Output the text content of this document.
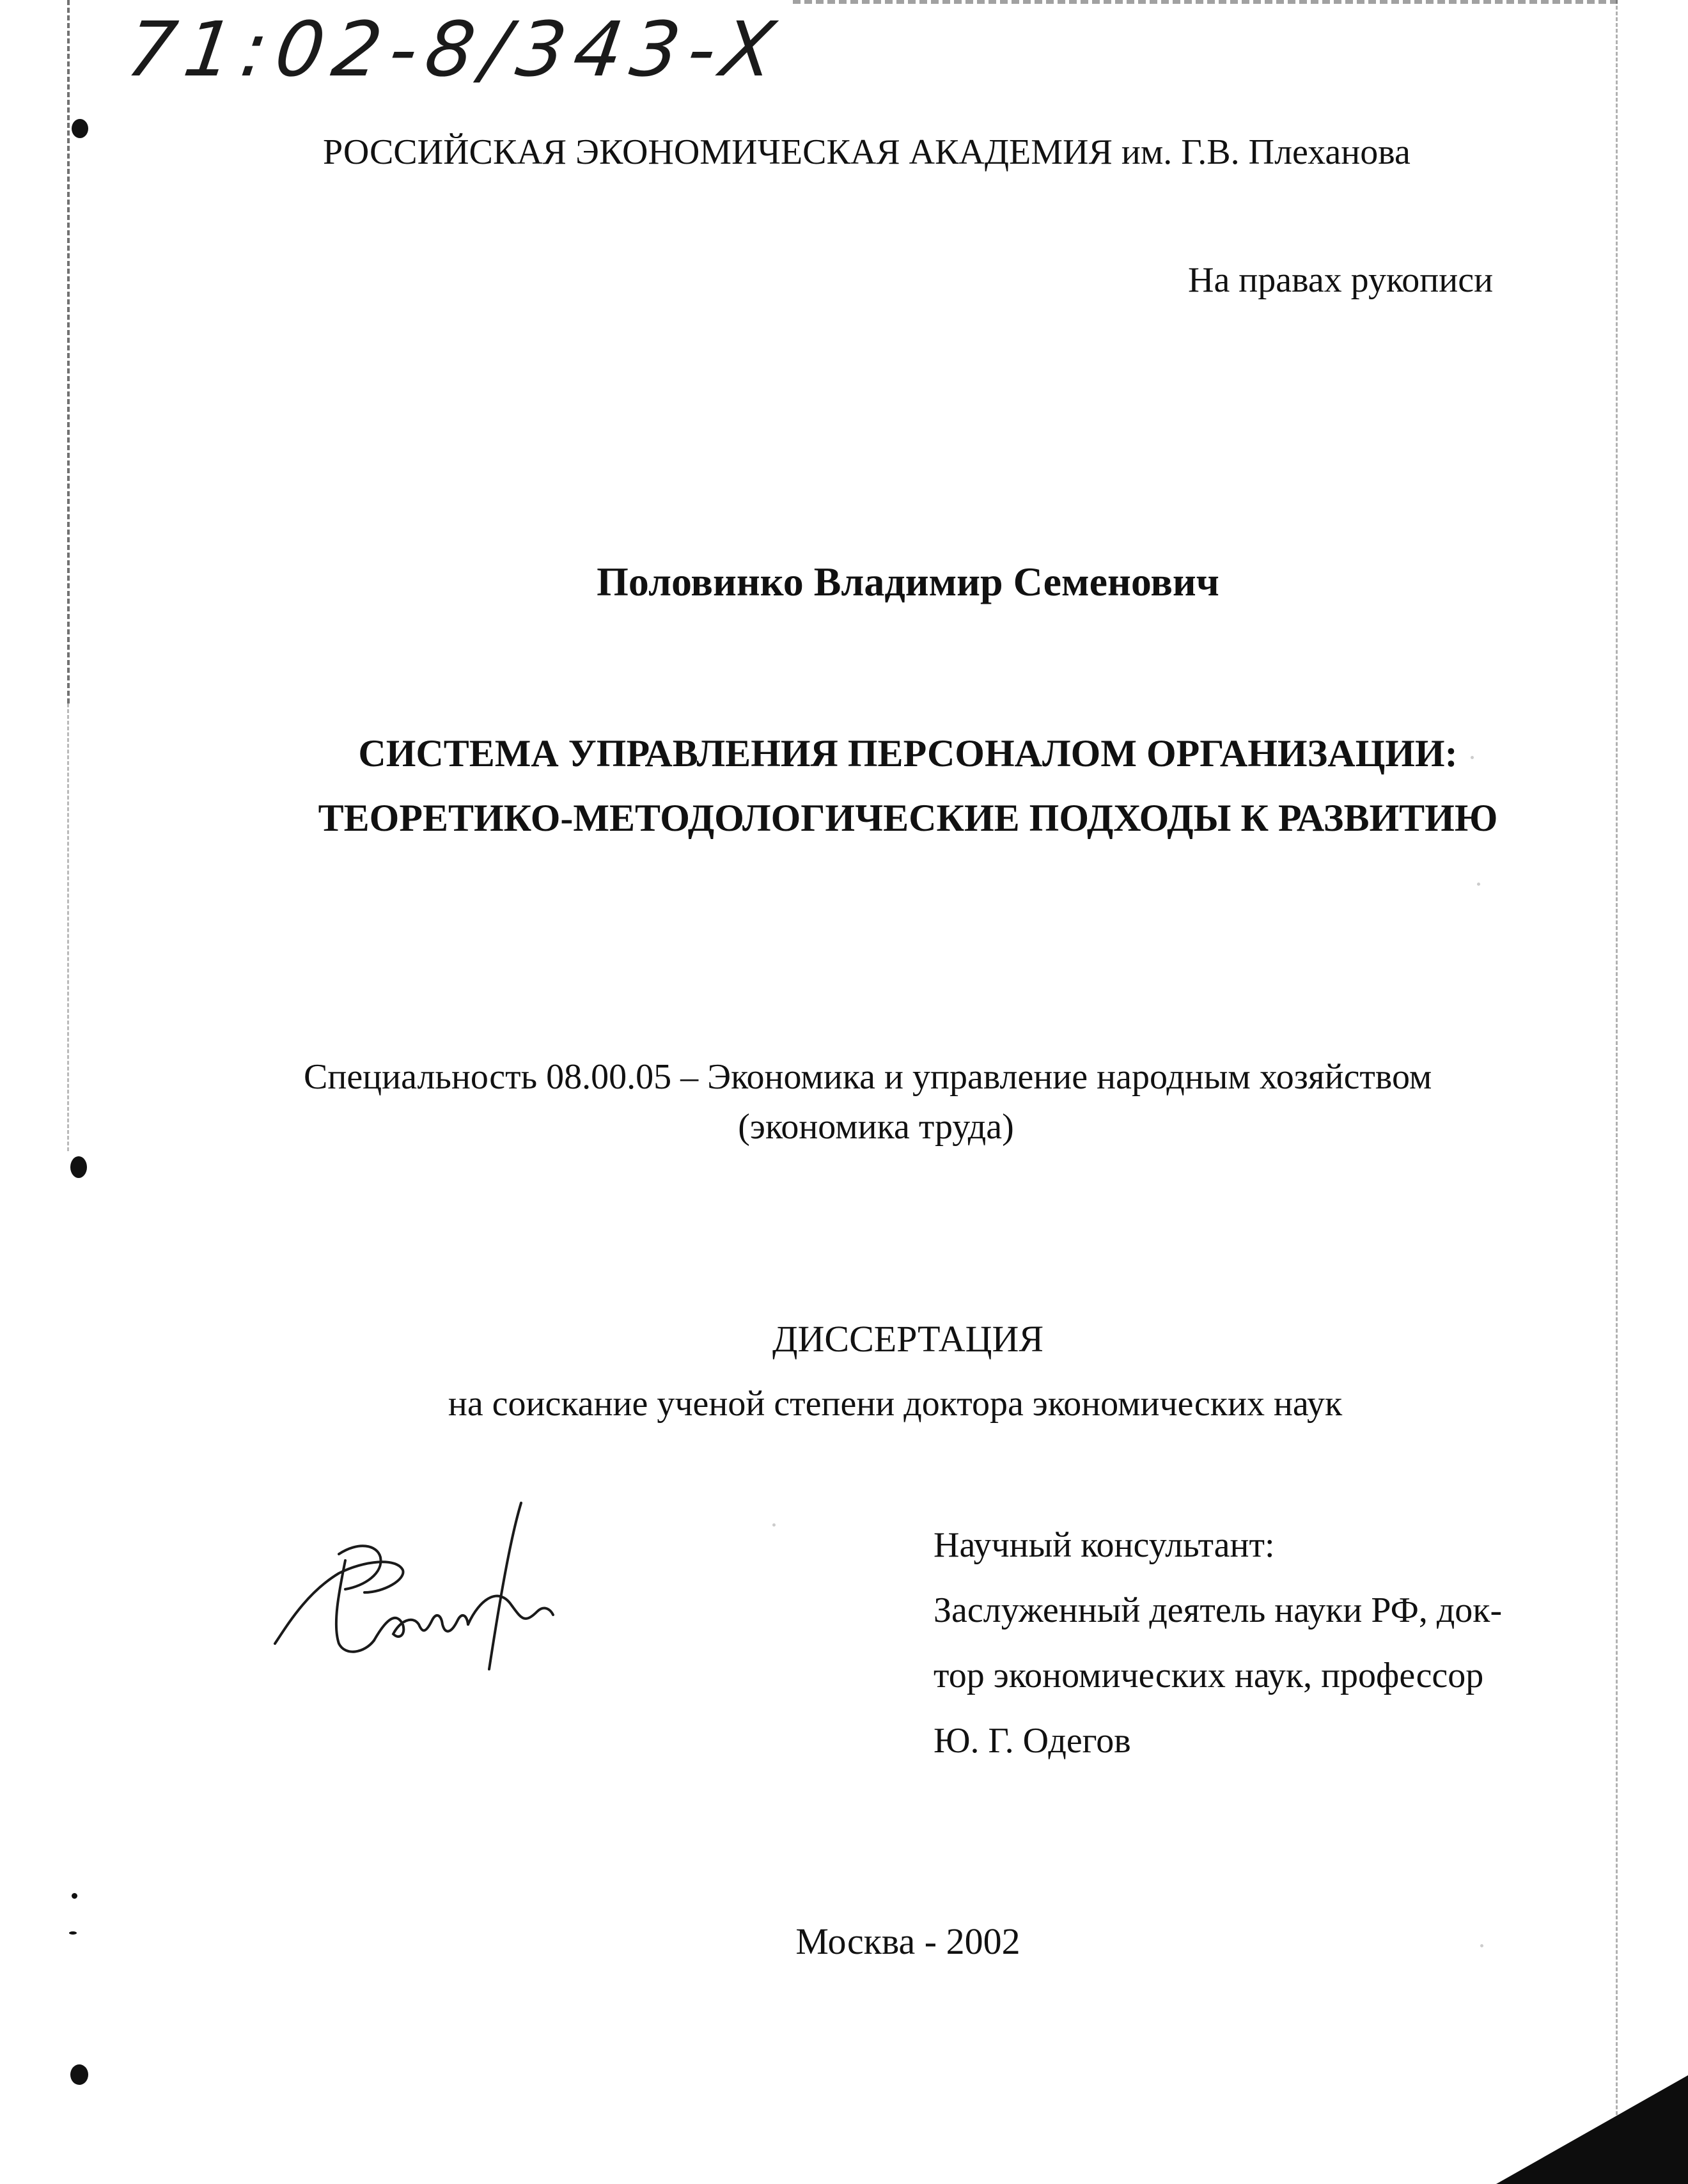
71:02-8/343-X
РОССИЙСКАЯ ЭКОНОМИЧЕСКАЯ АКАДЕМИЯ им. Г.В. Плеханова
На правах рукописи
Половинко Владимир Семенович
СИСТЕМА УПРАВЛЕНИЯ ПЕРСОНАЛОМ ОРГАНИЗАЦИИ:
ТЕОРЕТИКО-МЕТОДОЛОГИЧЕСКИЕ ПОДХОДЫ К РАЗВИТИЮ
Специальность 08.00.05 – Экономика и управление народным хозяйством
(экономика труда)
ДИССЕРТАЦИЯ
на соискание ученой степени доктора экономических наук
Научный консультант:
Заслуженный деятель науки РФ, док-
тор экономических наук, профессор
Ю. Г. Одегов
Москва - 2002
